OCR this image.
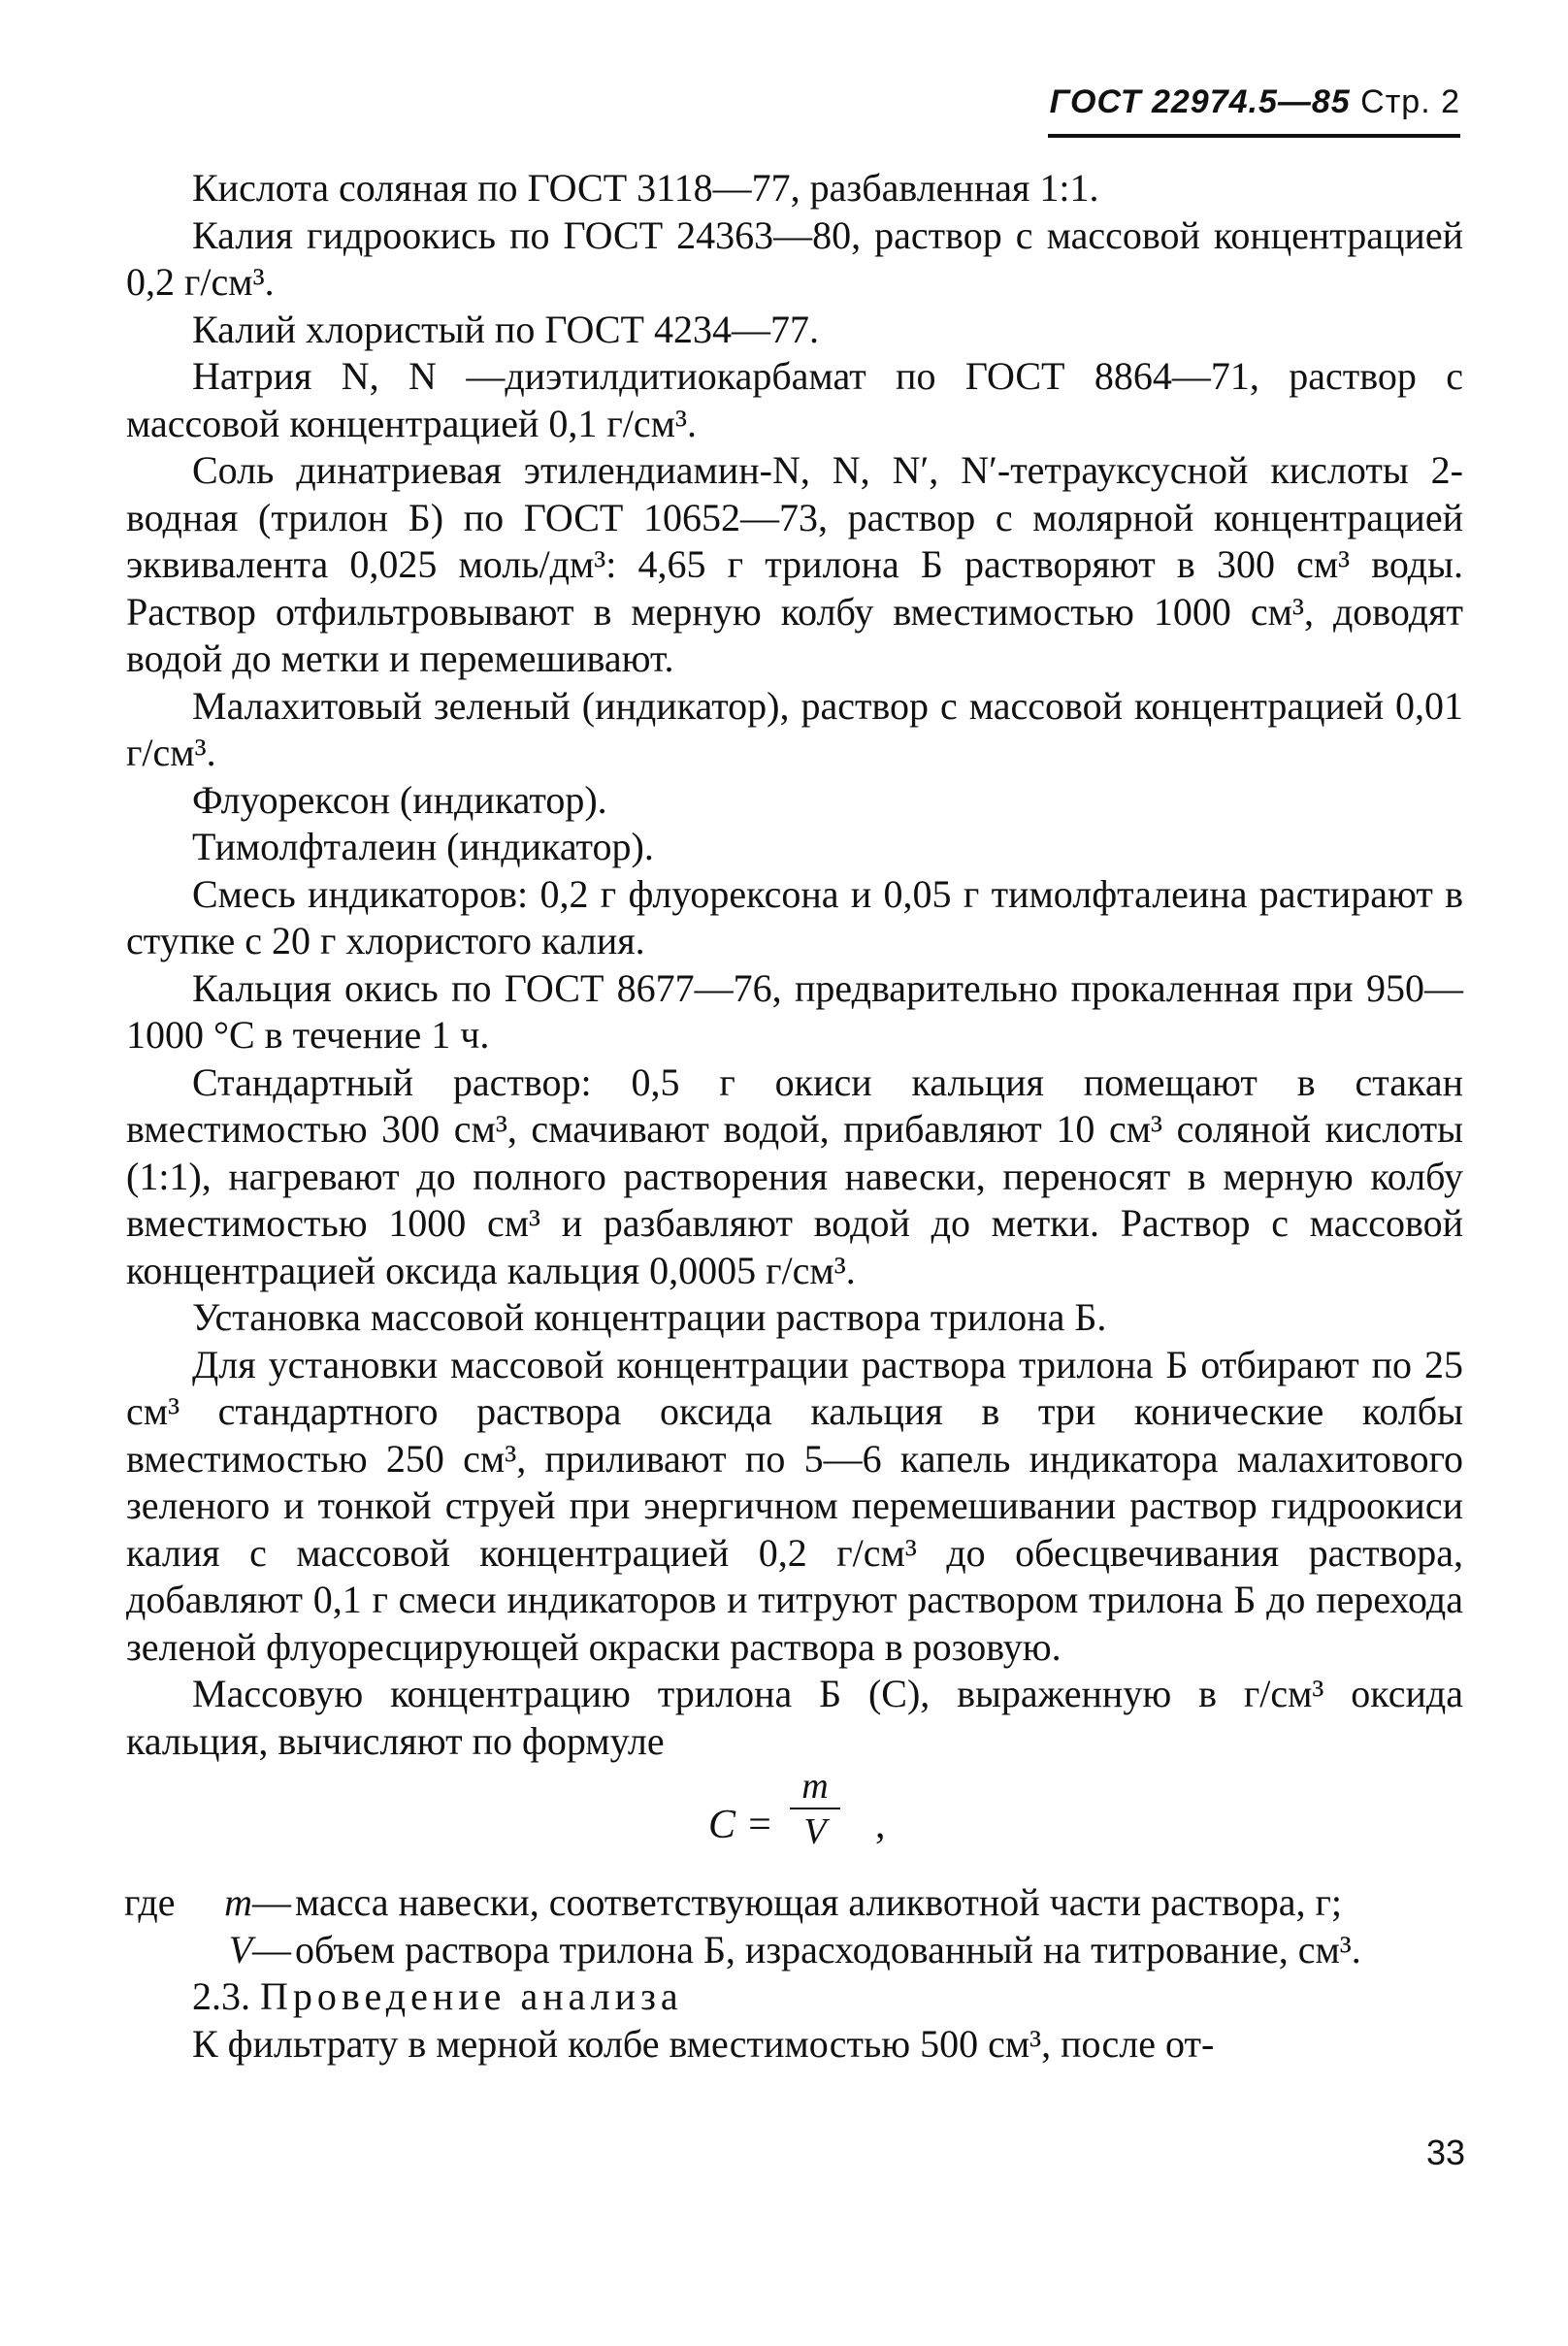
ГОСТ 22974.5—85 Стр. 2

Кислота соляная по ГОСТ 3118—77, разбавленная 1:1.

Калия гидроокись по ГОСТ 24363—80, раствор с массовой концентрацией 0,2 г/см³.

Калий хлористый по ГОСТ 4234—77.

Натрия N, N —диэтилдитиокарбамат по ГОСТ 8864—71, раствор с массовой концентрацией 0,1 г/см³.

Соль динатриевая этилендиамин-N, N, N′, N′-тетрауксусной кислоты 2-водная (трилон Б) по ГОСТ 10652—73, раствор с молярной концентрацией эквивалента 0,025 моль/дм³: 4,65 г трилона Б растворяют в 300 см³ воды. Раствор отфильтровывают в мерную колбу вместимостью 1000 см³, доводят водой до метки и перемешивают.

Малахитовый зеленый (индикатор), раствор с массовой концентрацией 0,01 г/см³.

Флуорексон (индикатор).

Тимолфталеин (индикатор).

Смесь индикаторов: 0,2 г флуорексона и 0,05 г тимолфталеина растирают в ступке с 20 г хлористого калия.

Кальция окись по ГОСТ 8677—76, предварительно прокаленная при 950—1000 °С в течение 1 ч.

Стандартный раствор: 0,5 г окиси кальция помещают в стакан вместимостью 300 см³, смачивают водой, прибавляют 10 см³ соляной кислоты (1:1), нагревают до полного растворения навески, переносят в мерную колбу вместимостью 1000 см³ и разбавляют водой до метки. Раствор с массовой концентрацией оксида кальция 0,0005 г/см³.

Установка массовой концентрации раствора трилона Б.

Для установки массовой концентрации раствора трилона Б отбирают по 25 см³ стандартного раствора оксида кальция в три конические колбы вместимостью 250 см³, приливают по 5—6 капель индикатора малахитового зеленого и тонкой струей при энергичном перемешивании раствор гидроокиси калия с массовой концентрацией 0,2 г/см³ до обесцвечивания раствора, добавляют 0,1 г смеси индикаторов и титруют раствором трилона Б до перехода зеленой флуоресцирующей окраски раствора в розовую.

Массовую концентрацию трилона Б (С), выраженную в г/см³ оксида кальция, вычисляют по формуле

C =
m
V	,
где	m — масса навески, соответствующая аликвотной части раствора, г;
V — объем раствора трилона Б, израсходованный на титрование, см³.

2.3. Проведение анализа

К фильтрату в мерной колбе вместимостью 500 см³, после от-

33
